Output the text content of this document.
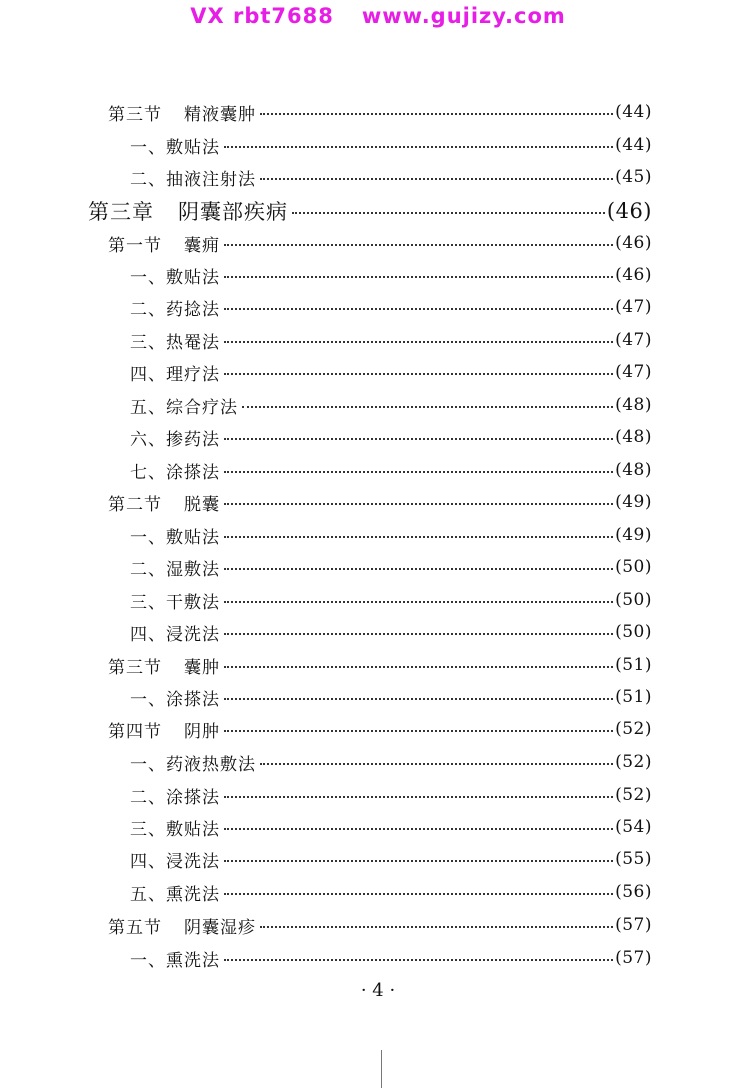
VX rbt7688 www.gujizy.com
第三节 精液囊肿	(44)
一、敷贴法	(44)
二、抽液注射法	(45)
第三章 阴囊部疾病	(46)
第一节 囊痈	(46)
一、敷贴法	(46)
二、药捻法	(47)
三、热罨法	(47)
四、理疗法	(47)
五、综合疗法	(48)
六、掺药法	(48)
七、涂搽法	(48)
第二节 脱囊	(49)
一、敷贴法	(49)
二、湿敷法	(50)
三、干敷法	(50)
四、浸洗法	(50)
第三节 囊肿	(51)
一、涂搽法	(51)
第四节 阴肿	(52)
一、药液热敷法	(52)
二、涂搽法	(52)
三、敷贴法	(54)
四、浸洗法	(55)
五、熏洗法	(56)
第五节 阴囊湿疹	(57)
一、熏洗法	(57)
· 4 ·
